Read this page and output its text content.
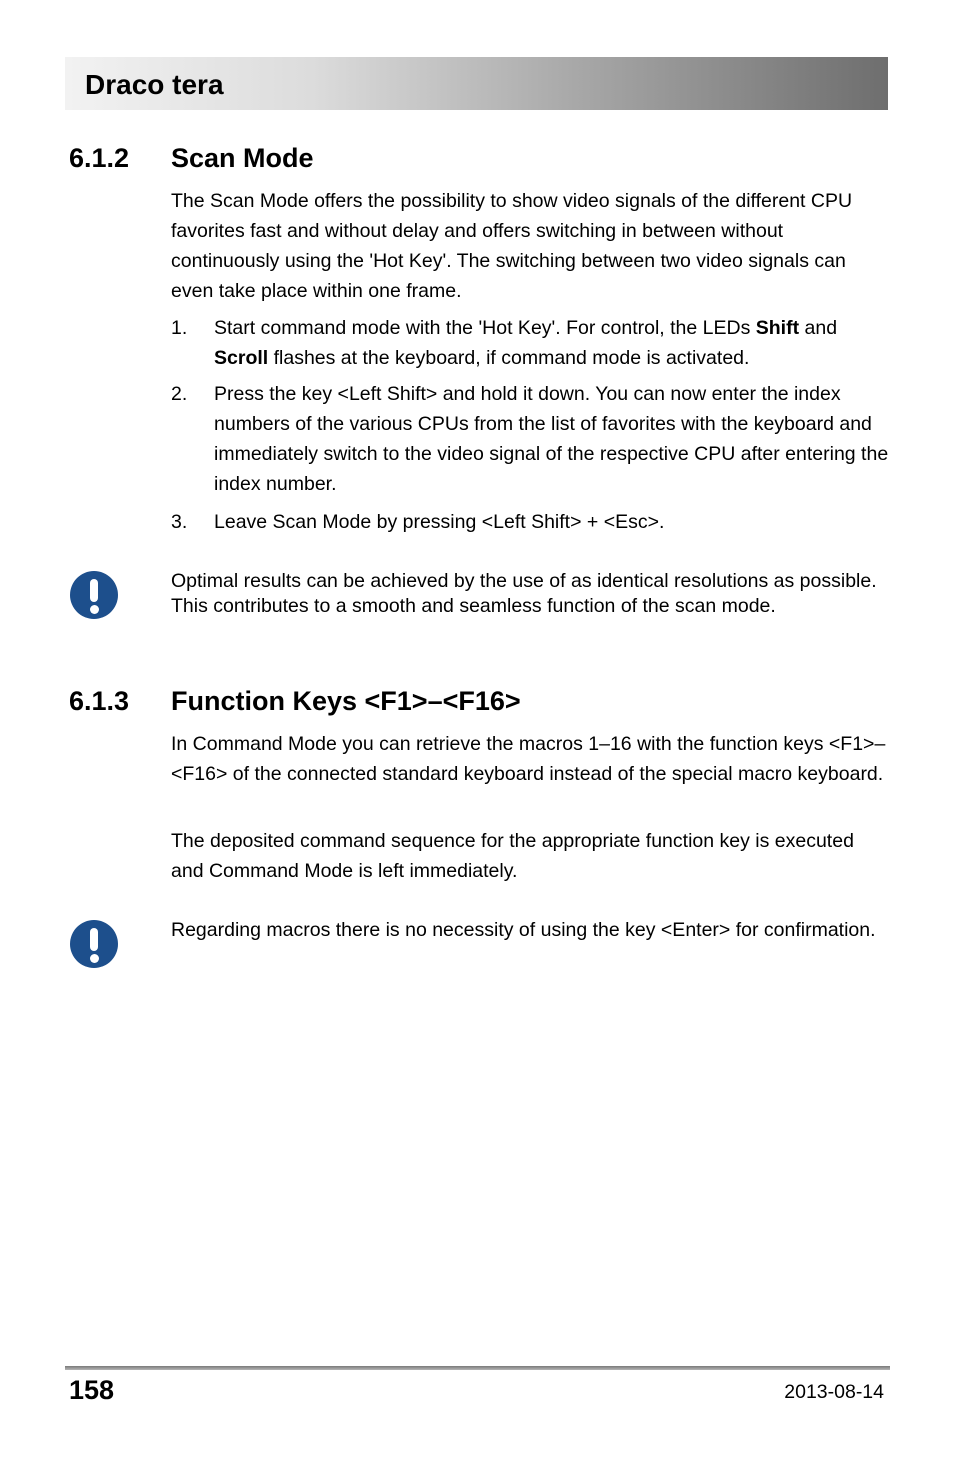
Draco tera
6.1.2 Scan Mode

The Scan Mode offers the possibility to show video signals of the different CPU favorites fast and without delay and offers switching in between without continuously using the 'Hot Key'. The switching between two video signals can even take place within one frame.

1. Start command mode with the 'Hot Key'. For control, the LEDs Shift and Scroll flashes at the keyboard, if command mode is activated.
2. Press the key <Left Shift> and hold it down. You can now enter the index numbers of the various CPUs from the list of favorites with the keyboard and immediately switch to the video signal of the respective CPU after entering the index number.
3. Leave Scan Mode by pressing <Left Shift> + <Esc>.
Optimal results can be achieved by the use of as identical resolutions as possible. This contributes to a smooth and seamless function of the scan mode.
6.1.3 Function Keys <F1>–<F16>

In Command Mode you can retrieve the macros 1–16 with the function keys <F1>–<F16> of the connected standard keyboard instead of the special macro keyboard.

The deposited command sequence for the appropriate function key is executed and Command Mode is left immediately.

Regarding macros there is no necessity of using the key <Enter> for confirmation.
158	2013-08-14
